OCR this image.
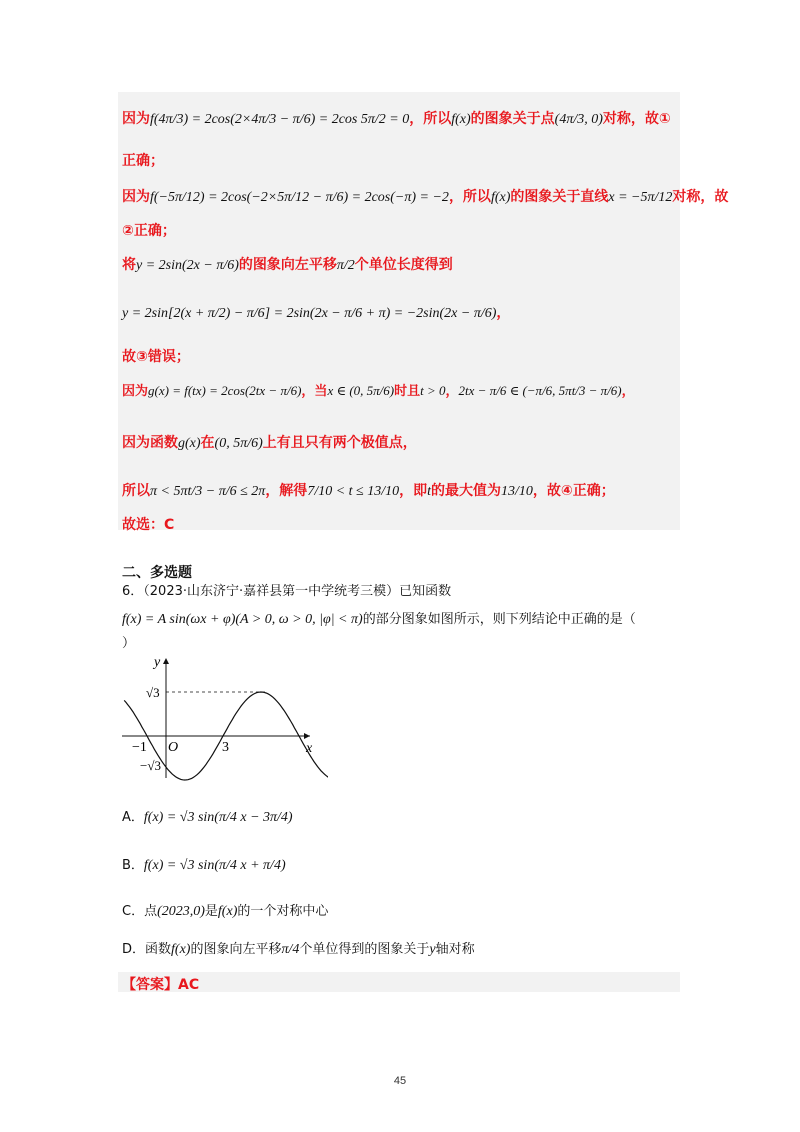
因为f(4π/3) = 2cos(2×4π/3 − π/6) = 2cos 5π/2 = 0，所以f(x)的图象关于点(4π/3, 0)对称，故①
正确；
因为f(−5π/12) = 2cos(−2×5π/12 − π/6) = 2cos(−π) = −2，所以f(x)的图象关于直线x = −5π/12对称，故
②正确；
将y = 2sin(2x − π/6)的图象向左平移π/2个单位长度得到
y = 2sin[2(x + π/2) − π/6] = 2sin(2x − π/6 + π) = −2sin(2x − π/6)，
故③错误；
因为g(x) = f(tx) = 2cos(2tx − π/6)，当x ∈ (0, 5π/6)时且t > 0，2tx − π/6 ∈ (−π/6, 5πt/3 − π/6)，
因为函数g(x)在(0, 5π/6)上有且只有两个极值点，
所以π < 5πt/3 − π/6 ≤ 2π，解得7/10 < t ≤ 13/10，即t的最大值为13/10，故④正确；
故选：C
二、多选题
6．（2023·山东济宁·嘉祥县第一中学统考三模）已知函数
f(x) = A sin(ωx + φ)(A > 0, ω > 0, |φ| < π)的部分图象如图所示，则下列结论中正确的是（
）
y
x
O
−1	3
√3
−√3
A．f(x) = √3 sin(π/4 x − 3π/4)
B．f(x) = √3 sin(π/4 x + π/4)
C．点(2023,0)是f(x)的一个对称中心
D．函数f(x)的图象向左平移π/4个单位得到的图象关于y轴对称
【答案】AC
45
